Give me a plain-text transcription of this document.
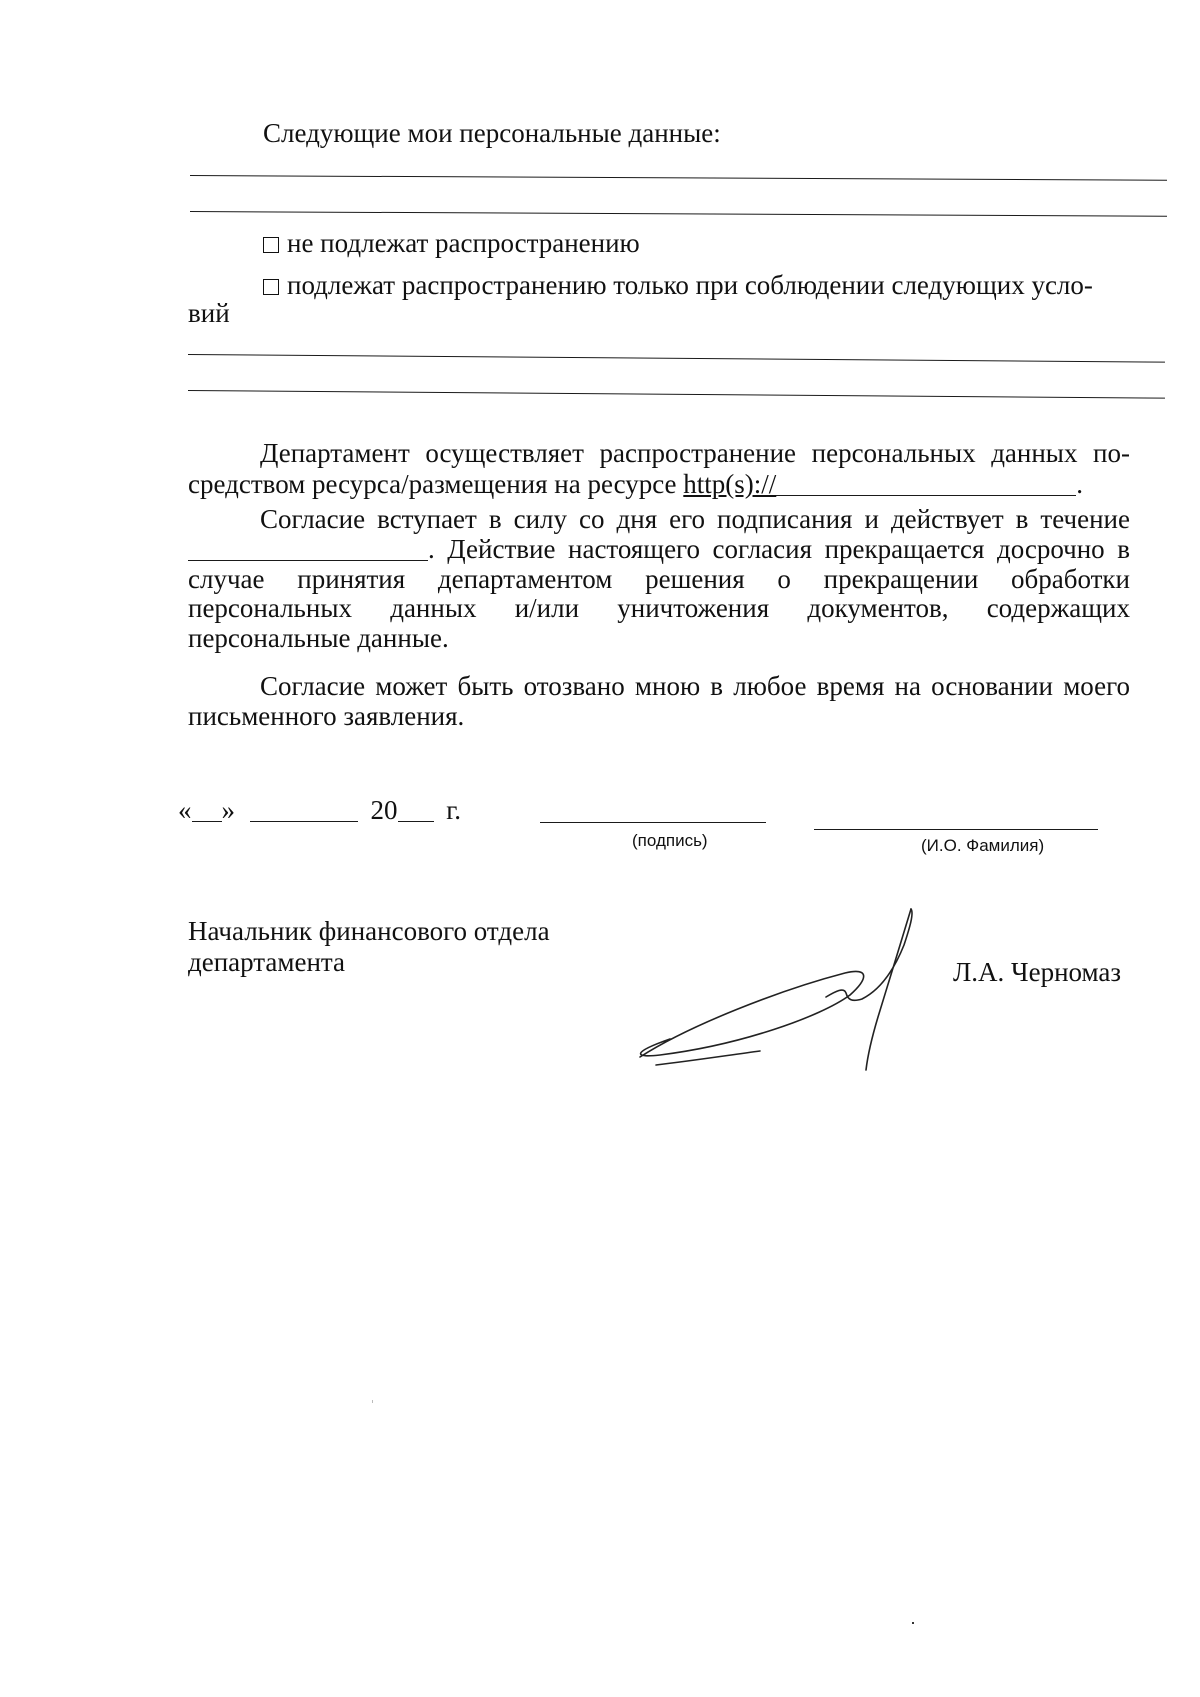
Следующие мои персональные данные:
не подлежат распространению
подлежат распространению только при соблюдении следующих усло-
вий
Департамент осуществляет распространение персональных данных по-
средством ресурса/размещения на ресурсе http(s)://	.
Согласие вступает в силу со дня его подписания и действует в течение
. Действие настоящего согласия прекращается досрочно в случае принятия департаментом решения о прекращении обработки персональных данных и/или уничтожения документов, содержащих персональные данные.
Согласие может быть отозвано мною в любое время на основании моего письменного заявления.
« »	20 г.
(подпись)	(И.О. Фамилия)
Начальник финансового отдела
департамента	Л.А. Черномаз
